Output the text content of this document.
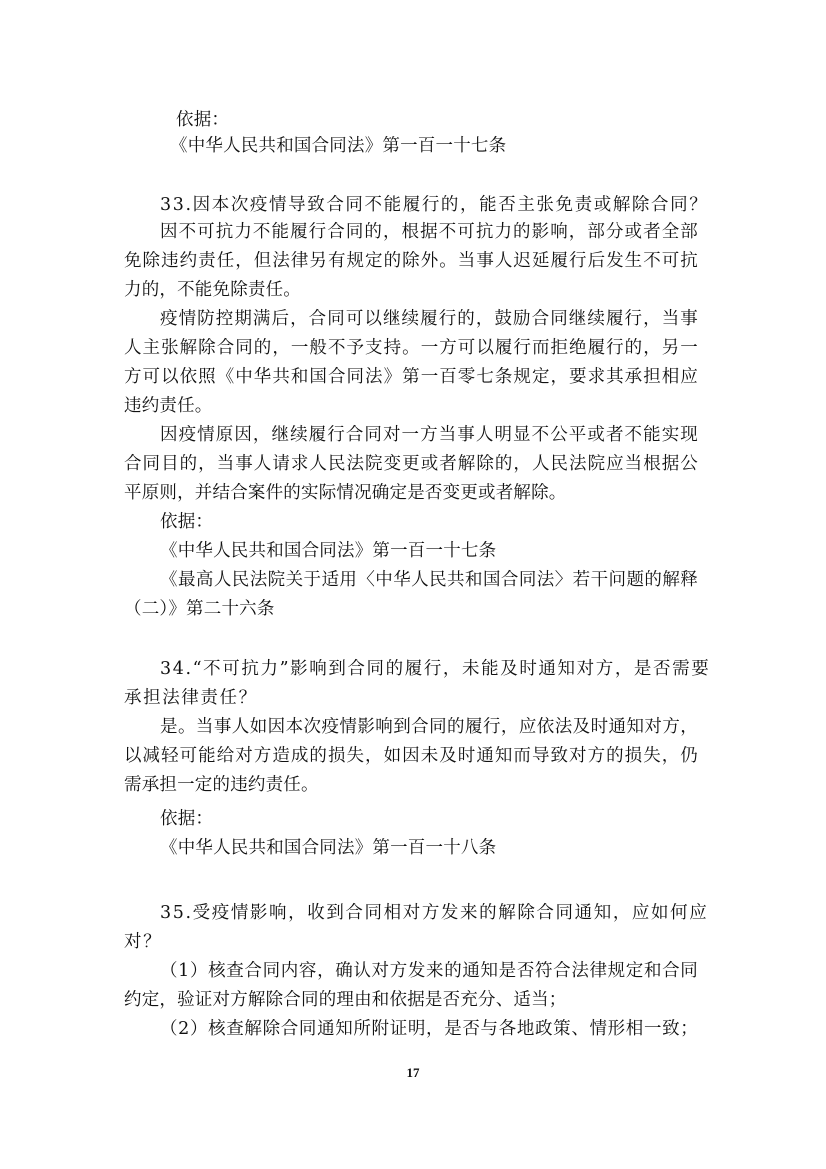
依据：
《中华人民共和国合同法》第一百一十七条
33.因本次疫情导致合同不能履行的，能否主张免责或解除合同？
因不可抗力不能履行合同的，根据不可抗力的影响，部分或者全部
免除违约责任，但法律另有规定的除外。当事人迟延履行后发生不可抗
力的，不能免除责任。
疫情防控期满后，合同可以继续履行的，鼓励合同继续履行，当事
人主张解除合同的，一般不予支持。一方可以履行而拒绝履行的，另一
方可以依照《中华共和国合同法》第一百零七条规定，要求其承担相应
违约责任。
因疫情原因，继续履行合同对一方当事人明显不公平或者不能实现
合同目的，当事人请求人民法院变更或者解除的，人民法院应当根据公
平原则，并结合案件的实际情况确定是否变更或者解除。
依据：
《中华人民共和国合同法》第一百一十七条
《最高人民法院关于适用〈中华人民共和国合同法〉若干问题的解释
（二）》第二十六条
34.“不可抗力”影响到合同的履行，未能及时通知对方，是否需要
承担法律责任？
是。当事人如因本次疫情影响到合同的履行，应依法及时通知对方，
以减轻可能给对方造成的损失，如因未及时通知而导致对方的损失，仍
需承担一定的违约责任。
依据：
《中华人民共和国合同法》第一百一十八条
35.受疫情影响，收到合同相对方发来的解除合同通知，应如何应
对？
（1）核查合同内容，确认对方发来的通知是否符合法律规定和合同
约定，验证对方解除合同的理由和依据是否充分、适当；
（2）核查解除合同通知所附证明，是否与各地政策、情形相一致；
17
